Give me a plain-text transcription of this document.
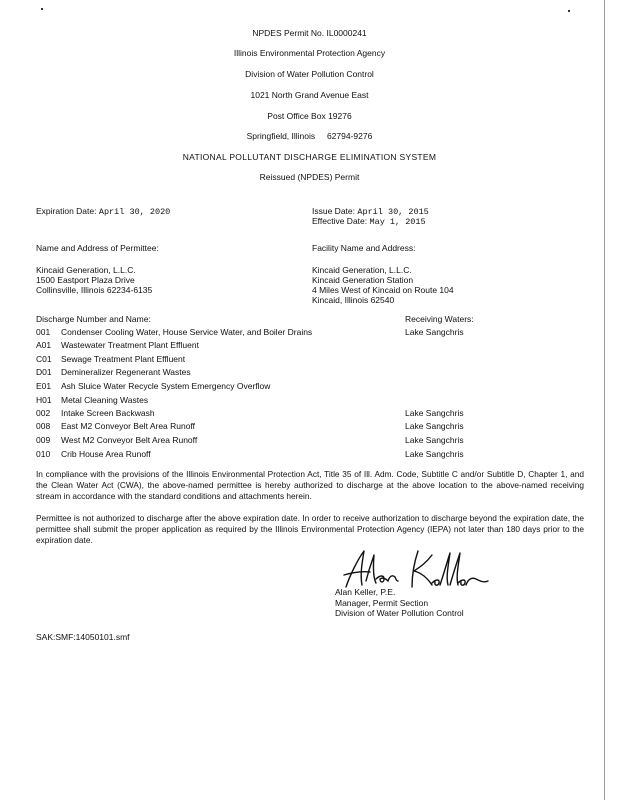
NPDES Permit No. IL0000241
Illinois Environmental Protection Agency
Division of Water Pollution Control
1021 North Grand Avenue East
Post Office Box 19276
Springfield, Illinois     62794-9276
NATIONAL POLLUTANT DISCHARGE ELIMINATION SYSTEM
Reissued (NPDES) Permit
Expiration Date: April 30, 2020	Issue Date: April 30, 2015
Effective Date: May 1, 2015
Name and Address of Permittee:	Facility Name and Address:
Kincaid Generation, L.L.C.
1500 Eastport Plaza Drive
Collinsville, Illinois 62234-6135
Kincaid Generation, L.L.C.
Kincaid Generation Station
4 Miles West of Kincaid on Route 104
Kincaid, Illinois 62540
Discharge Number and Name:	Receiving Waters:
001 Condenser Cooling Water, House Service Water, and Boiler Drains	Lake Sangchris
A01 Wastewater Treatment Plant Effluent
C01 Sewage Treatment Plant Effluent
D01 Demineralizer Regenerant Wastes
E01 Ash Sluice Water Recycle System Emergency Overflow
H01 Metal Cleaning Wastes
002 Intake Screen Backwash	Lake Sangchris
008 East M2 Conveyor Belt Area Runoff	Lake Sangchris
009 West M2 Conveyor Belt Area Runoff	Lake Sangchris
010 Crib House Area Runoff	Lake Sangchris
In compliance with the provisions of the Illinois Environmental Protection Act, Title 35 of Ill. Adm. Code, Subtitle C and/or Subtitle D, Chapter 1, and the Clean Water Act (CWA), the above-named permittee is hereby authorized to discharge at the above location to the above-named receiving stream in accordance with the standard conditions and attachments herein.
Permittee is not authorized to discharge after the above expiration date. In order to receive authorization to discharge beyond the expiration date, the permittee shall submit the proper application as required by the Illinois Environmental Protection Agency (IEPA) not later than 180 days prior to the expiration date.
Alan Keller, P.E.
Manager, Permit Section
Division of Water Pollution Control
SAK:SMF:14050101.smf
